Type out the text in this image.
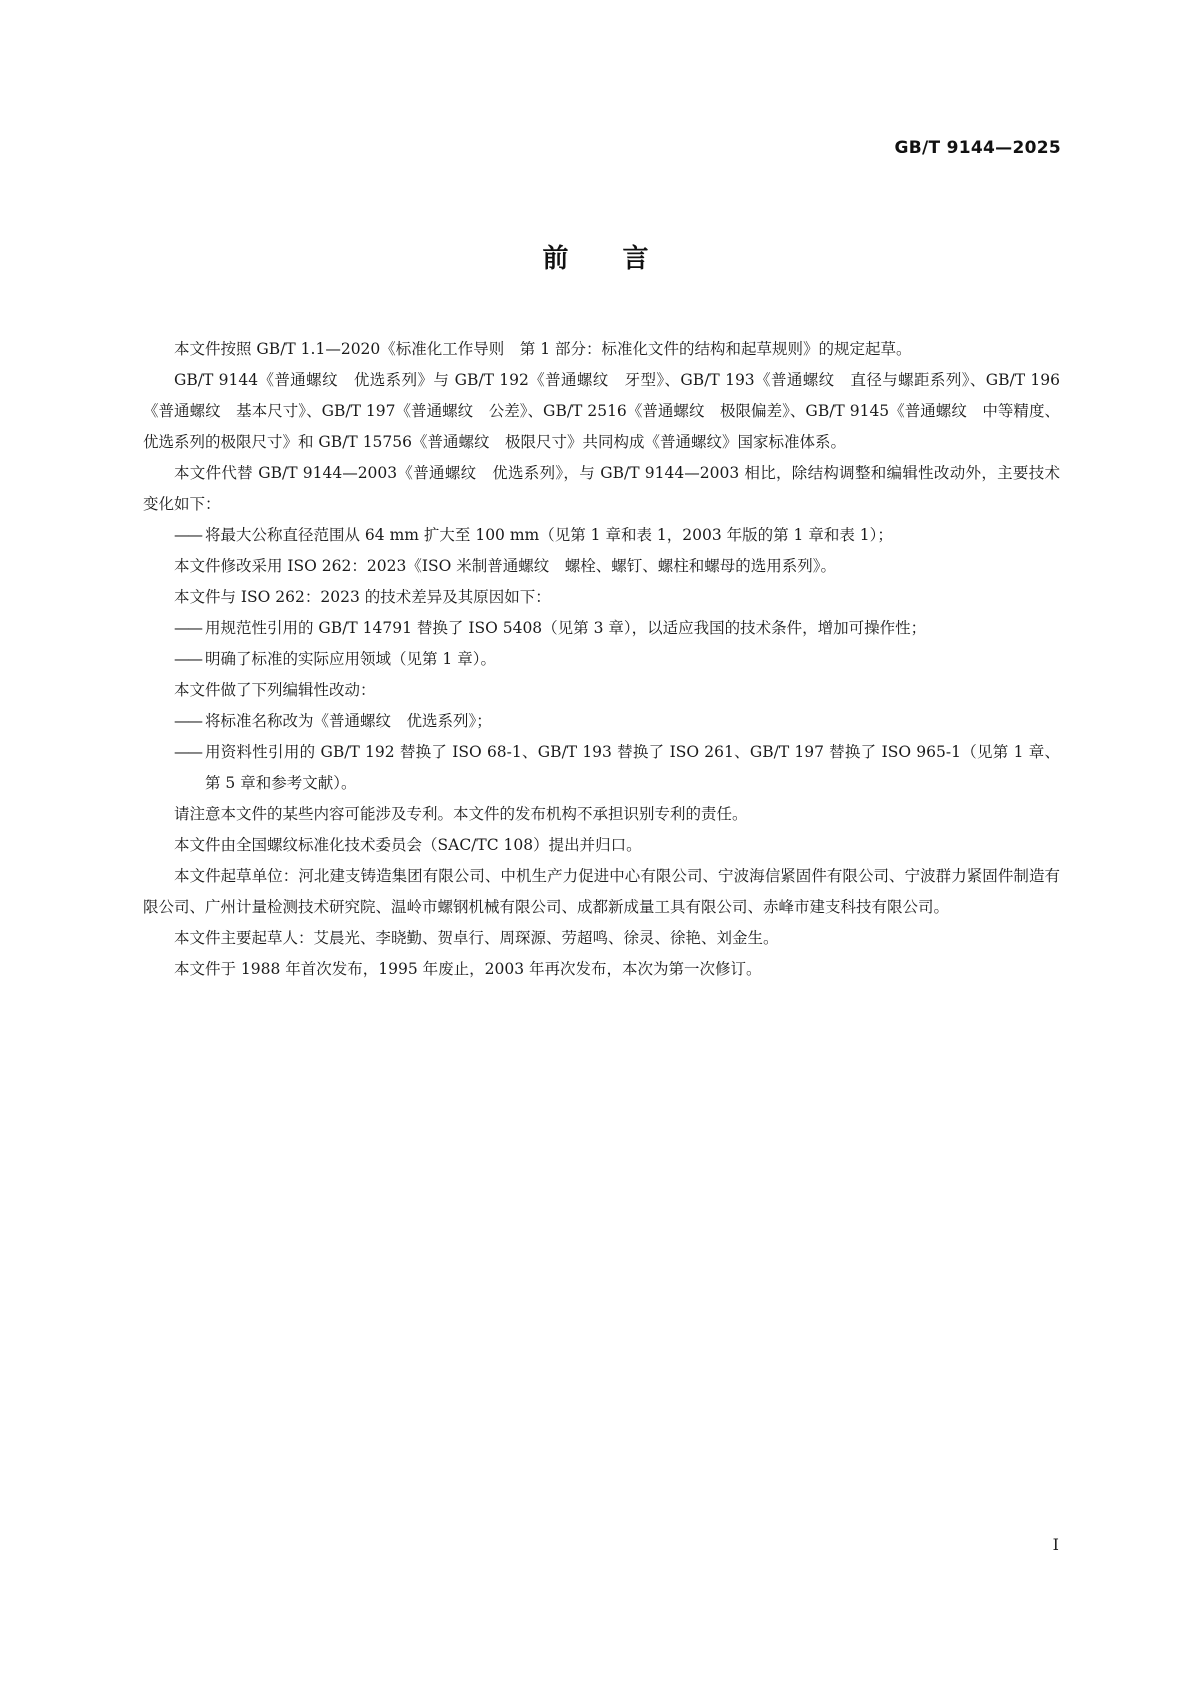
GB/T 9144—2025
前言

本文件按照 GB/T 1.1—2020《标准化工作导则　第 1 部分：标准化文件的结构和起草规则》的规定起草。

GB/T 9144《普通螺纹　优选系列》与 GB/T 192《普通螺纹　牙型》、GB/T 193《普通螺纹　直径与螺距系列》、GB/T 196《普通螺纹　基本尺寸》、GB/T 197《普通螺纹　公差》、GB/T 2516《普通螺纹　极限偏差》、GB/T 9145《普通螺纹　中等精度、优选系列的极限尺寸》和 GB/T 15756《普通螺纹　极限尺寸》共同构成《普通螺纹》国家标准体系。

本文件代替 GB/T 9144—2003《普通螺纹　优选系列》，与 GB/T 9144—2003 相比，除结构调整和编辑性改动外，主要技术变化如下：

—— 将最大公称直径范围从 64 mm 扩大至 100 mm（见第 1 章和表 1，2003 年版的第 1 章和表 1）；

本文件修改采用 ISO 262：2023《ISO 米制普通螺纹　螺栓、螺钉、螺柱和螺母的选用系列》。

本文件与 ISO 262：2023 的技术差异及其原因如下：

—— 用规范性引用的 GB/T 14791 替换了 ISO 5408（见第 3 章），以适应我国的技术条件，增加可操作性；

—— 明确了标准的实际应用领域（见第 1 章）。

本文件做了下列编辑性改动：

—— 将标准名称改为《普通螺纹　优选系列》；

—— 用资料性引用的 GB/T 192 替换了 ISO 68-1、GB/T 193 替换了 ISO 261、GB/T 197 替换了 ISO 965-1（见第 1 章、第 5 章和参考文献）。

请注意本文件的某些内容可能涉及专利。本文件的发布机构不承担识别专利的责任。

本文件由全国螺纹标准化技术委员会（SAC/TC 108）提出并归口。

本文件起草单位：河北建支铸造集团有限公司、中机生产力促进中心有限公司、宁波海信紧固件有限公司、宁波群力紧固件制造有限公司、广州计量检测技术研究院、温岭市螺钢机械有限公司、成都新成量工具有限公司、赤峰市建支科技有限公司。

本文件主要起草人：艾晨光、李晓勤、贺卓行、周琛源、劳超鸣、徐灵、徐艳、刘金生。

本文件于 1988 年首次发布，1995 年废止，2003 年再次发布，本次为第一次修订。

I
